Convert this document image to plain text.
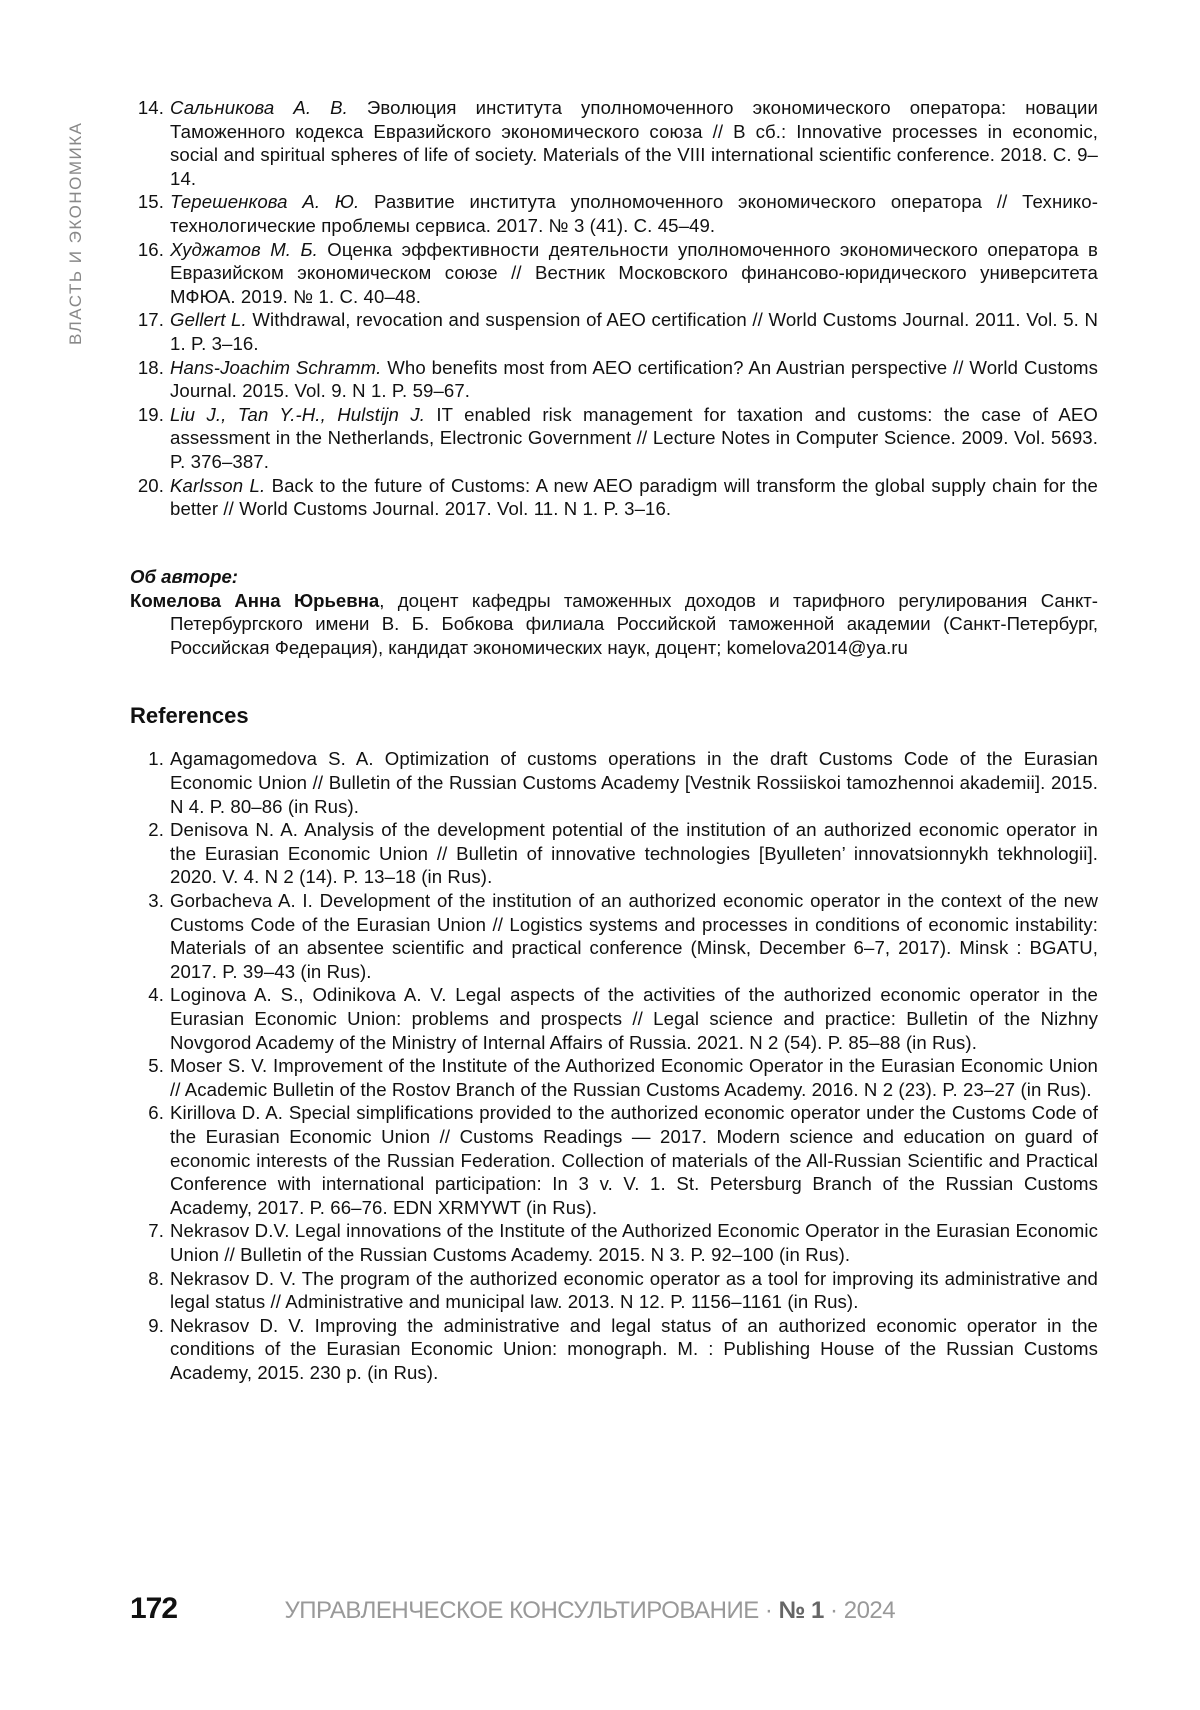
ВЛАСТЬ И ЭКОНОМИКА
14. Сальникова А. В. Эволюция института уполномоченного экономического оператора: новации Таможенного кодекса Евразийского экономического союза // В сб.: Innovative processes in economic, social and spiritual spheres of life of society. Materials of the VIII international scientific conference. 2018. С. 9–14.
15. Терешенкова А. Ю. Развитие института уполномоченного экономического оператора // Технико-технологические проблемы сервиса. 2017. № 3 (41). С. 45–49.
16. Худжатов М. Б. Оценка эффективности деятельности уполномоченного экономического оператора в Евразийском экономическом союзе // Вестник Московского финансово-юридического университета МФЮА. 2019. № 1. С. 40–48.
17. Gellert L. Withdrawal, revocation and suspension of AEO certification // World Customs Journal. 2011. Vol. 5. N 1. P. 3–16.
18. Hans-Joachim Schramm. Who benefits most from AEO certification? An Austrian perspective // World Customs Journal. 2015. Vol. 9. N 1. P. 59–67.
19. Liu J., Tan Y.-H., Hulstijn J. IT enabled risk management for taxation and customs: the case of AEO assessment in the Netherlands, Electronic Government // Lecture Notes in Computer Science. 2009. Vol. 5693. P. 376–387.
20. Karlsson L. Back to the future of Customs: A new AEO paradigm will transform the global supply chain for the better // World Customs Journal. 2017. Vol. 11. N 1. P. 3–16.
Об авторе:
Комелова Анна Юрьевна, доцент кафедры таможенных доходов и тарифного регулирования Санкт-Петербургского имени В. Б. Бобкова филиала Российской таможенной академии (Санкт-Петербург, Российская Федерация), кандидат экономических наук, доцент; komelova2014@ya.ru
References
1. Agamagomedova S. A. Optimization of customs operations in the draft Customs Code of the Eurasian Economic Union // Bulletin of the Russian Customs Academy [Vestnik Rossiiskoi tamozhennoi akademii]. 2015. N 4. P. 80–86 (in Rus).
2. Denisova N. A. Analysis of the development potential of the institution of an authorized economic operator in the Eurasian Economic Union // Bulletin of innovative technologies [Byulleten’ innovatsionnykh tekhnologii]. 2020. V. 4. N 2 (14). P. 13–18 (in Rus).
3. Gorbacheva A. I. Development of the institution of an authorized economic operator in the context of the new Customs Code of the Eurasian Union // Logistics systems and processes in conditions of economic instability: Materials of an absentee scientific and practical conference (Minsk, December 6–7, 2017). Minsk : BGATU, 2017. P. 39–43 (in Rus).
4. Loginova A. S., Odinikova A. V. Legal aspects of the activities of the authorized economic operator in the Eurasian Economic Union: problems and prospects // Legal science and practice: Bulletin of the Nizhny Novgorod Academy of the Ministry of Internal Affairs of Russia. 2021. N 2 (54). P. 85–88 (in Rus).
5. Moser S. V. Improvement of the Institute of the Authorized Economic Operator in the Eurasian Economic Union // Academic Bulletin of the Rostov Branch of the Russian Customs Academy. 2016. N 2 (23). P. 23–27 (in Rus).
6. Kirillova D. A. Special simplifications provided to the authorized economic operator under the Customs Code of the Eurasian Economic Union // Customs Readings — 2017. Modern science and education on guard of economic interests of the Russian Federation. Collection of materials of the All-Russian Scientific and Practical Conference with international participation: In 3 v. V. 1. St. Petersburg Branch of the Russian Customs Academy, 2017. P. 66–76. EDN XRMYWT (in Rus).
7. Nekrasov D.V. Legal innovations of the Institute of the Authorized Economic Operator in the Eurasian Economic Union // Bulletin of the Russian Customs Academy. 2015. N 3. P. 92–100 (in Rus).
8. Nekrasov D. V. The program of the authorized economic operator as a tool for improving its administrative and legal status // Administrative and municipal law. 2013. N 12. P. 1156–1161 (in Rus).
9. Nekrasov D. V. Improving the administrative and legal status of an authorized economic operator in the conditions of the Eurasian Economic Union: monograph. M. : Publishing House of the Russian Customs Academy, 2015. 230 p. (in Rus).
172	УПРАВЛЕНЧЕСКОЕ КОНСУЛЬТИРОВАНИЕ · № 1 · 2024
